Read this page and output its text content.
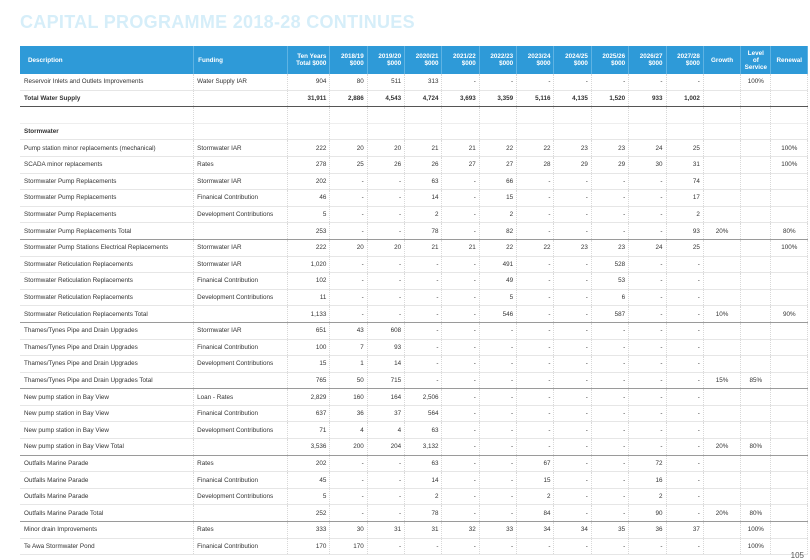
CAPITAL PROGRAMME 2018-28 CONTINUES
Description	Funding	Ten Years Total $000	2018/19 $000	2019/20 $000	2020/21 $000	2021/22 $000	2022/23 $000	2023/24 $000	2024/25 $000	2025/26 $000	2026/27 $000	2027/28 $000	Growth	Level of Service	Renewal
Reservoir Inlets and Outlets Improvements	Water Supply IAR	904	80	511	313	-	-	-	-	-	-	-		100%	
Total Water Supply		31,911	2,886	4,543	4,724	3,693	3,359	5,116	4,135	1,520	933	1,002			

Stormwater															
Pump station minor replacements (mechanical)	Stormwater IAR	222	20	20	21	21	22	22	23	23	24	25			100%
SCADA minor replacements	Rates	278	25	26	26	27	27	28	29	29	30	31			100%
Stormwater Pump Replacements	Stormwater IAR	202	-	-	63	-	66	-	-	-	-	74			
Stormwater Pump Replacements	Finanical Contribution	46	-	-	14	-	15	-	-	-	-	17			
Stormwater Pump Replacements	Development Contributions	5	-	-	2	-	2	-	-	-	-	2			
Stormwater Pump Replacements Total		253	-	-	78	-	82	-	-	-	-	93	20%		80%
Stormwater Pump Stations Electrical Replacements	Stormwater IAR	222	20	20	21	21	22	22	23	23	24	25			100%
Stormwater Reticulation Replacements	Stormwater IAR	1,020	-	-	-	-	491	-	-	528	-	-			
Stormwater Reticulation Replacements	Finanical Contribution	102	-	-	-	-	49	-	-	53	-	-			
Stormwater Reticulation Replacements	Development Contributions	11	-	-	-	-	5	-	-	6	-	-			
Stormwater Reticulation Replacements Total		1,133	-	-	-	-	546	-	-	587	-	-	10%		90%
Thames/Tynes Pipe and Drain Upgrades	Stormwater IAR	651	43	608	-	-	-	-	-	-	-	-			
Thames/Tynes Pipe and Drain Upgrades	Finanical Contribution	100	7	93	-	-	-	-	-	-	-	-			
Thames/Tynes Pipe and Drain Upgrades	Development Contributions	15	1	14	-	-	-	-	-	-	-	-			
Thames/Tynes Pipe and Drain Upgrades Total		765	50	715	-	-	-	-	-	-	-	-	15%	85%	
New pump station in Bay View	Loan - Rates	2,829	160	164	2,506	-	-	-	-	-	-	-			
New pump station in Bay View	Finanical Contribution	637	36	37	564	-	-	-	-	-	-	-			
New pump station in Bay View	Development Contributions	71	4	4	63	-	-	-	-	-	-	-			
New pump station in Bay View Total		3,536	200	204	3,132	-	-	-	-	-	-	-	20%	80%	
Outfalls Marine Parade	Rates	202	-	-	63	-	-	67	-	-	72	-			
Outfalls Marine Parade	Finanical Contribution	45	-	-	14	-	-	15	-	-	16	-			
Outfalls Marine Parade	Development Contributions	5	-	-	2	-	-	2	-	-	2	-			
Outfalls Marine Parade Total		252	-	-	78	-	-	84	-	-	90	-	20%	80%	
Minor drain Improvements	Rates	333	30	31	31	32	33	34	34	35	36	37		100%	
Te Awa Stormwater Pond	Finanical Contribution	170	170	-	-	-	-	-	-	-	-	-		100%	
105
